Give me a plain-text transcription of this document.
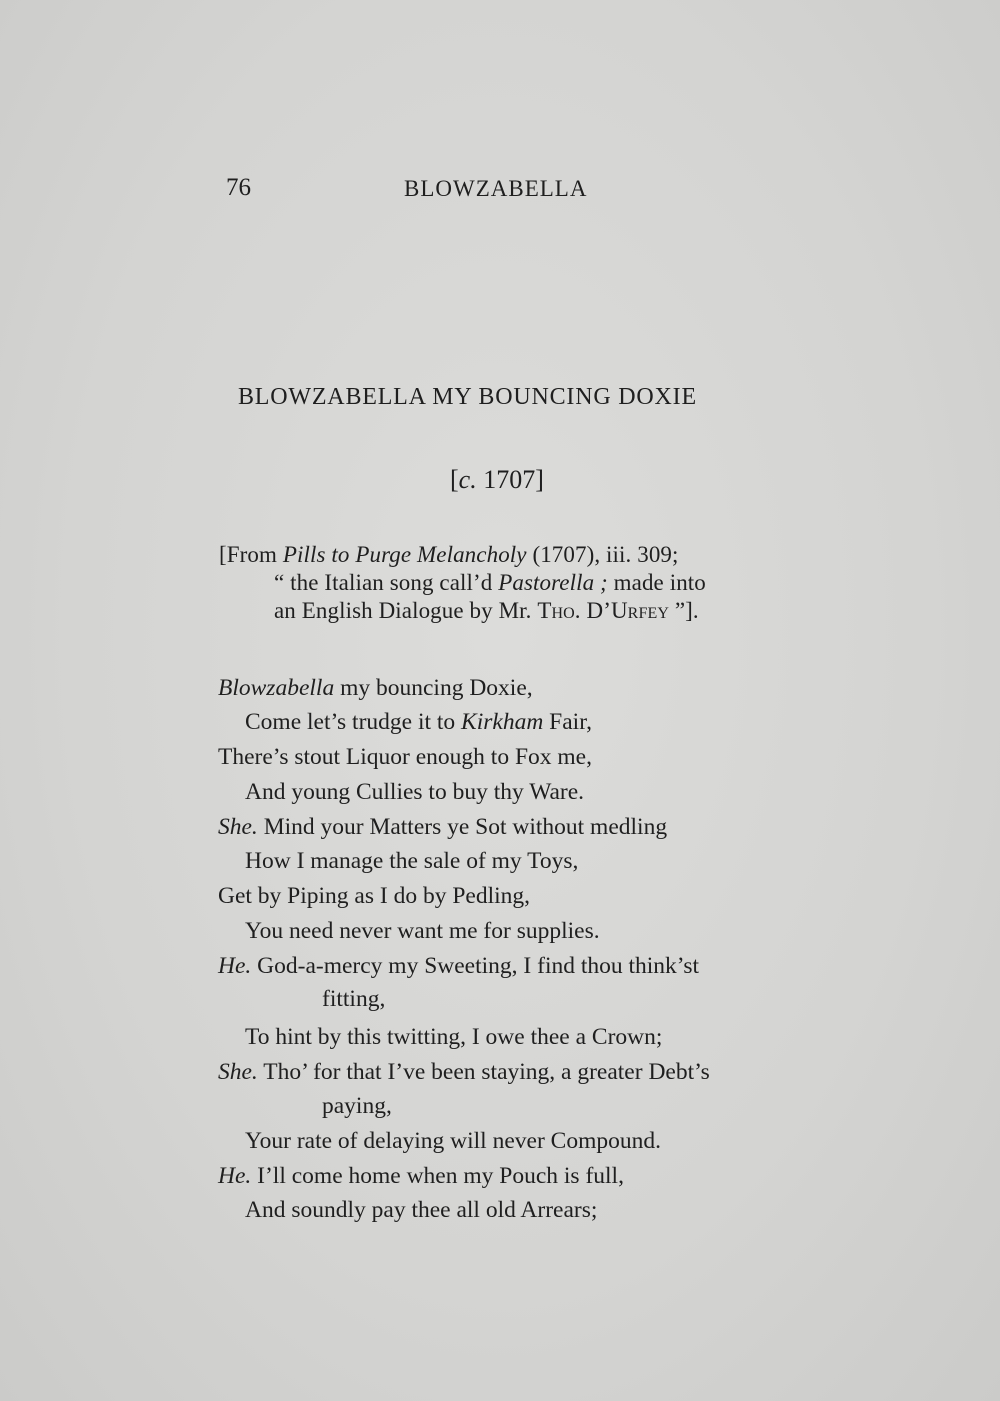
76	BLOWZABELLA
BLOWZABELLA MY BOUNCING DOXIE
[c. 1707]
[From Pills to Purge Melancholy (1707), iii. 309;
“ the Italian song call’d Pastorella ; made into
an English Dialogue by Mr. Tho. D’Urfey ”].
Blowzabella my bouncing Doxie,
Come let’s trudge it to Kirkham Fair,
There’s stout Liquor enough to Fox me,
And young Cullies to buy thy Ware.
She. Mind your Matters ye Sot without medling
How I manage the sale of my Toys,
Get by Piping as I do by Pedling,
You need never want me for supplies.
He. God-a-mercy my Sweeting, I find thou think’st
fitting,
To hint by this twitting, I owe thee a Crown;
She. Tho’ for that I’ve been staying, a greater Debt’s
paying,
Your rate of delaying will never Compound.
He. I’ll come home when my Pouch is full,
And soundly pay thee all old Arrears;
